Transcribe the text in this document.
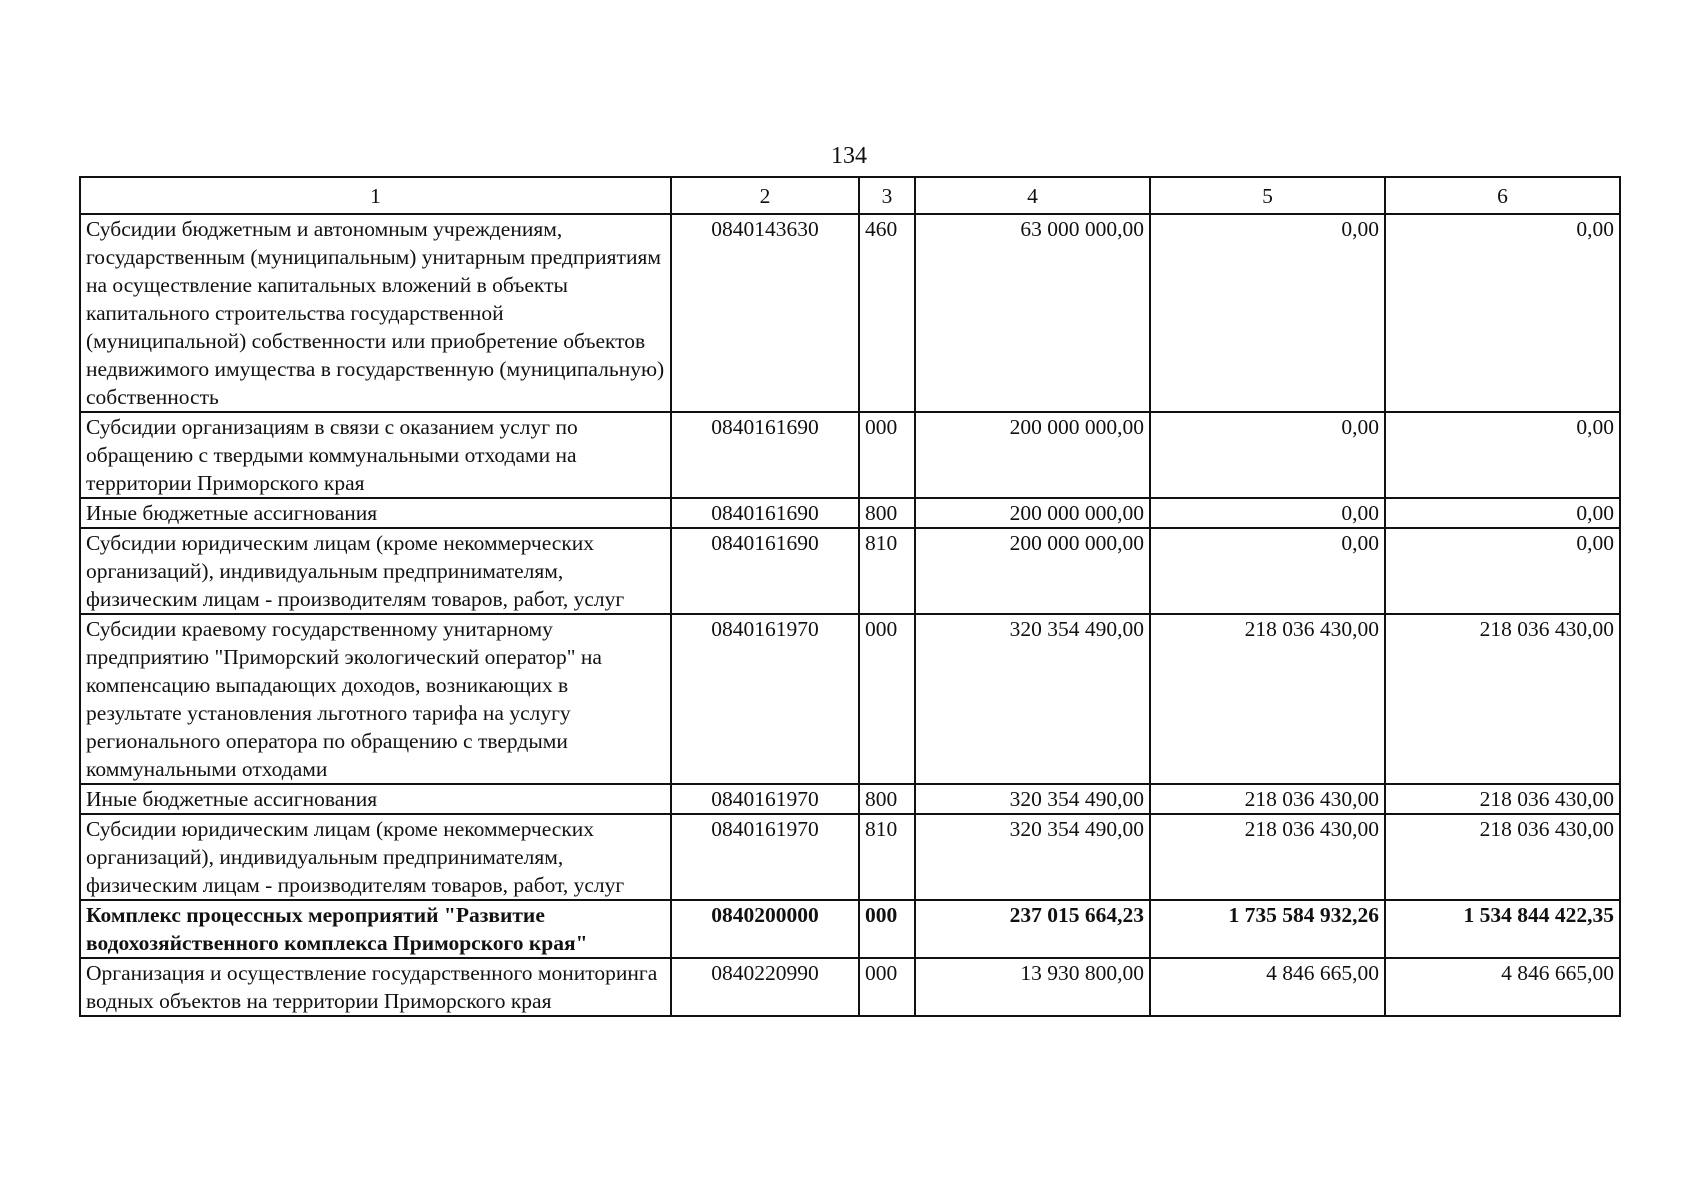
134
1	2	3	4	5	6
Субсидии бюджетным и автономным учреждениям, государственным (муниципальным) унитарным предприятиям на осуществление капитальных вложений в объекты капитального строительства государственной (муниципальной) собственности или приобретение объектов недвижимого имущества в государственную (муниципальную) собственность	0840143630	460	63 000 000,00	0,00	0,00
Субсидии организациям в связи с оказанием услуг по обращению с твердыми коммунальными отходами на территории Приморского края	0840161690	000	200 000 000,00	0,00	0,00
Иные бюджетные ассигнования	0840161690	800	200 000 000,00	0,00	0,00
Субсидии юридическим лицам (кроме некоммерческих организаций), индивидуальным предпринимателям, физическим лицам - производителям товаров, работ, услуг	0840161690	810	200 000 000,00	0,00	0,00
Субсидии краевому государственному унитарному предприятию "Приморский экологический оператор" на компенсацию выпадающих доходов, возникающих в результате установления льготного тарифа на услугу регионального оператора по обращению с твердыми коммунальными отходами	0840161970	000	320 354 490,00	218 036 430,00	218 036 430,00
Иные бюджетные ассигнования	0840161970	800	320 354 490,00	218 036 430,00	218 036 430,00
Субсидии юридическим лицам (кроме некоммерческих организаций), индивидуальным предпринимателям, физическим лицам - производителям товаров, работ, услуг	0840161970	810	320 354 490,00	218 036 430,00	218 036 430,00
Комплекс процессных мероприятий "Развитие водохозяйственного комплекса Приморского края"	0840200000	000	237 015 664,23	1 735 584 932,26	1 534 844 422,35
Организация и осуществление государственного мониторинга водных объектов на территории Приморского края	0840220990	000	13 930 800,00	4 846 665,00	4 846 665,00
